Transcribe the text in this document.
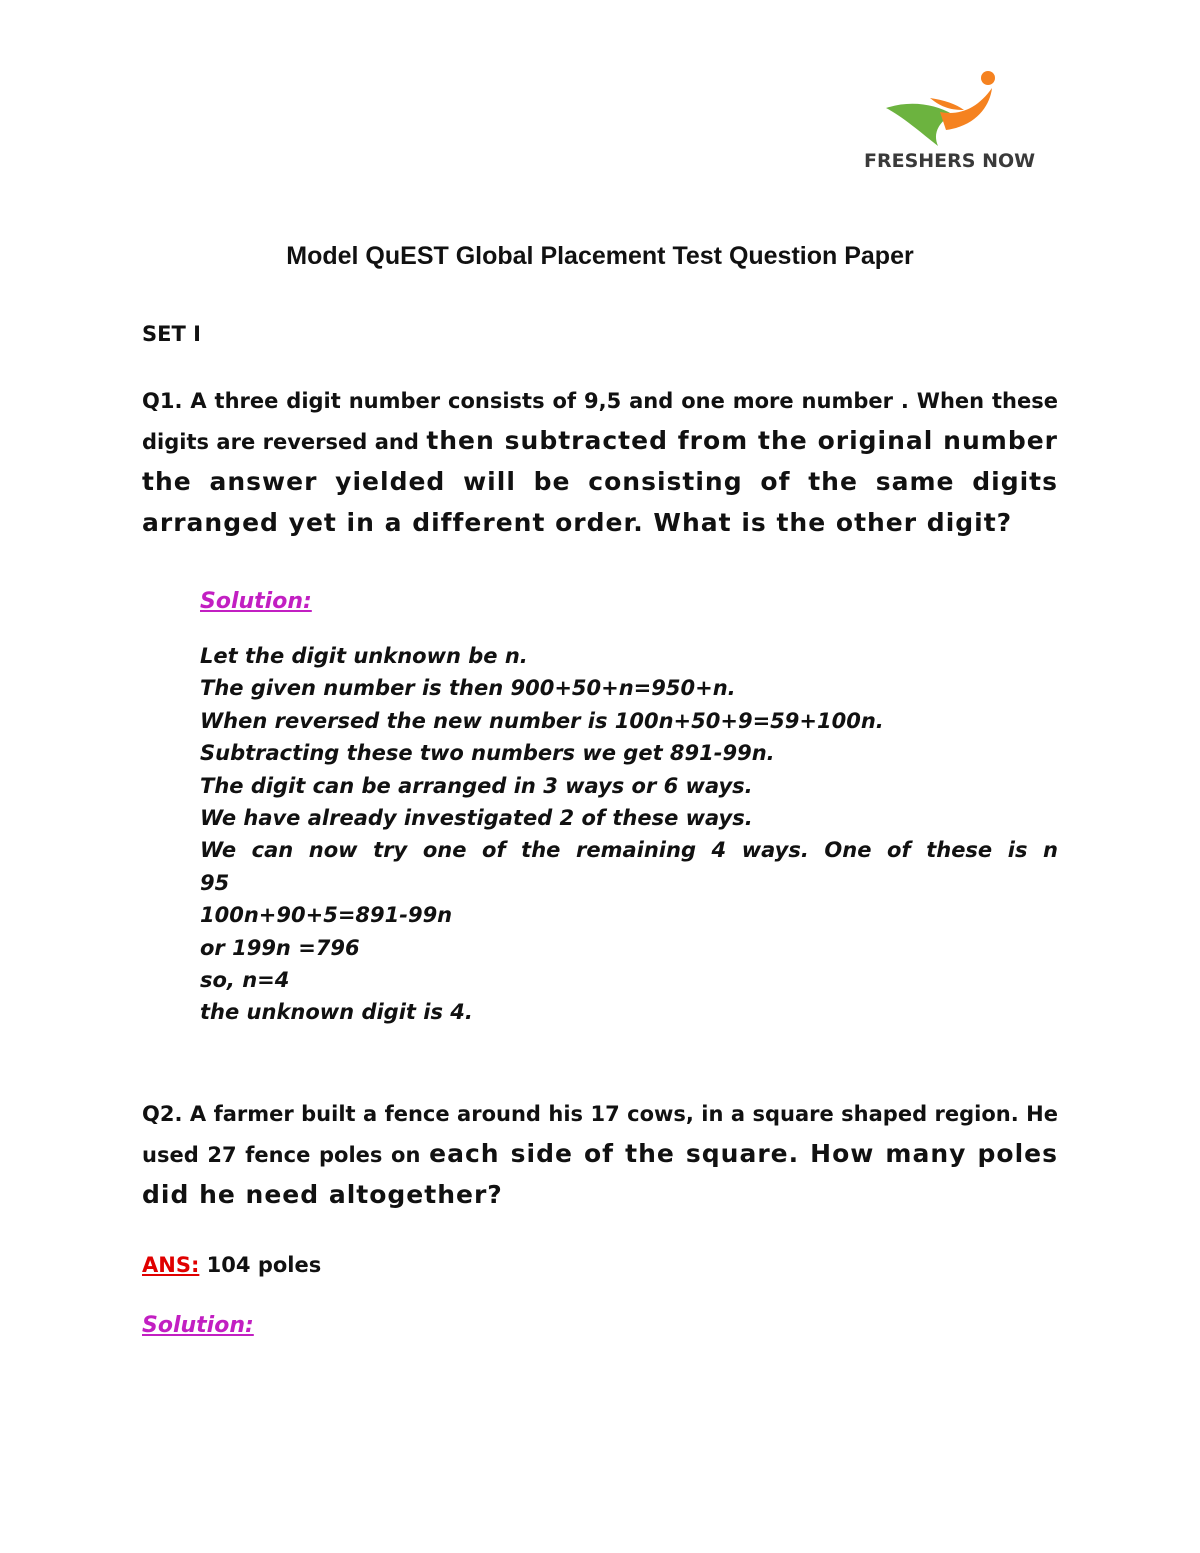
FRESHERS NOW
Model QuEST Global Placement Test Question Paper

SET I

Q1. A three digit number consists of 9,5 and one more number . When these digits are reversed and then subtracted from the original number the answer yielded will be consisting of the same digits arranged yet in a different order. What is the other digit?

Solution:
Let the digit unknown be n.
The given number is then 900+50+n=950+n.
When reversed the new number is 100n+50+9=59+100n.
Subtracting these two numbers we get 891-99n.
The digit can be arranged in 3 ways or 6 ways.
We have already investigated 2 of these ways.
We can now try one of the remaining 4 ways. One of these is n
95
100n+90+5=891-99n
or 199n =796
so, n=4
the unknown digit is 4.

Q2. A farmer built a fence around his 17 cows, in a square shaped region. He used 27 fence poles on each side of the square. How many poles did he need altogether?

ANS: 104 poles

Solution:
